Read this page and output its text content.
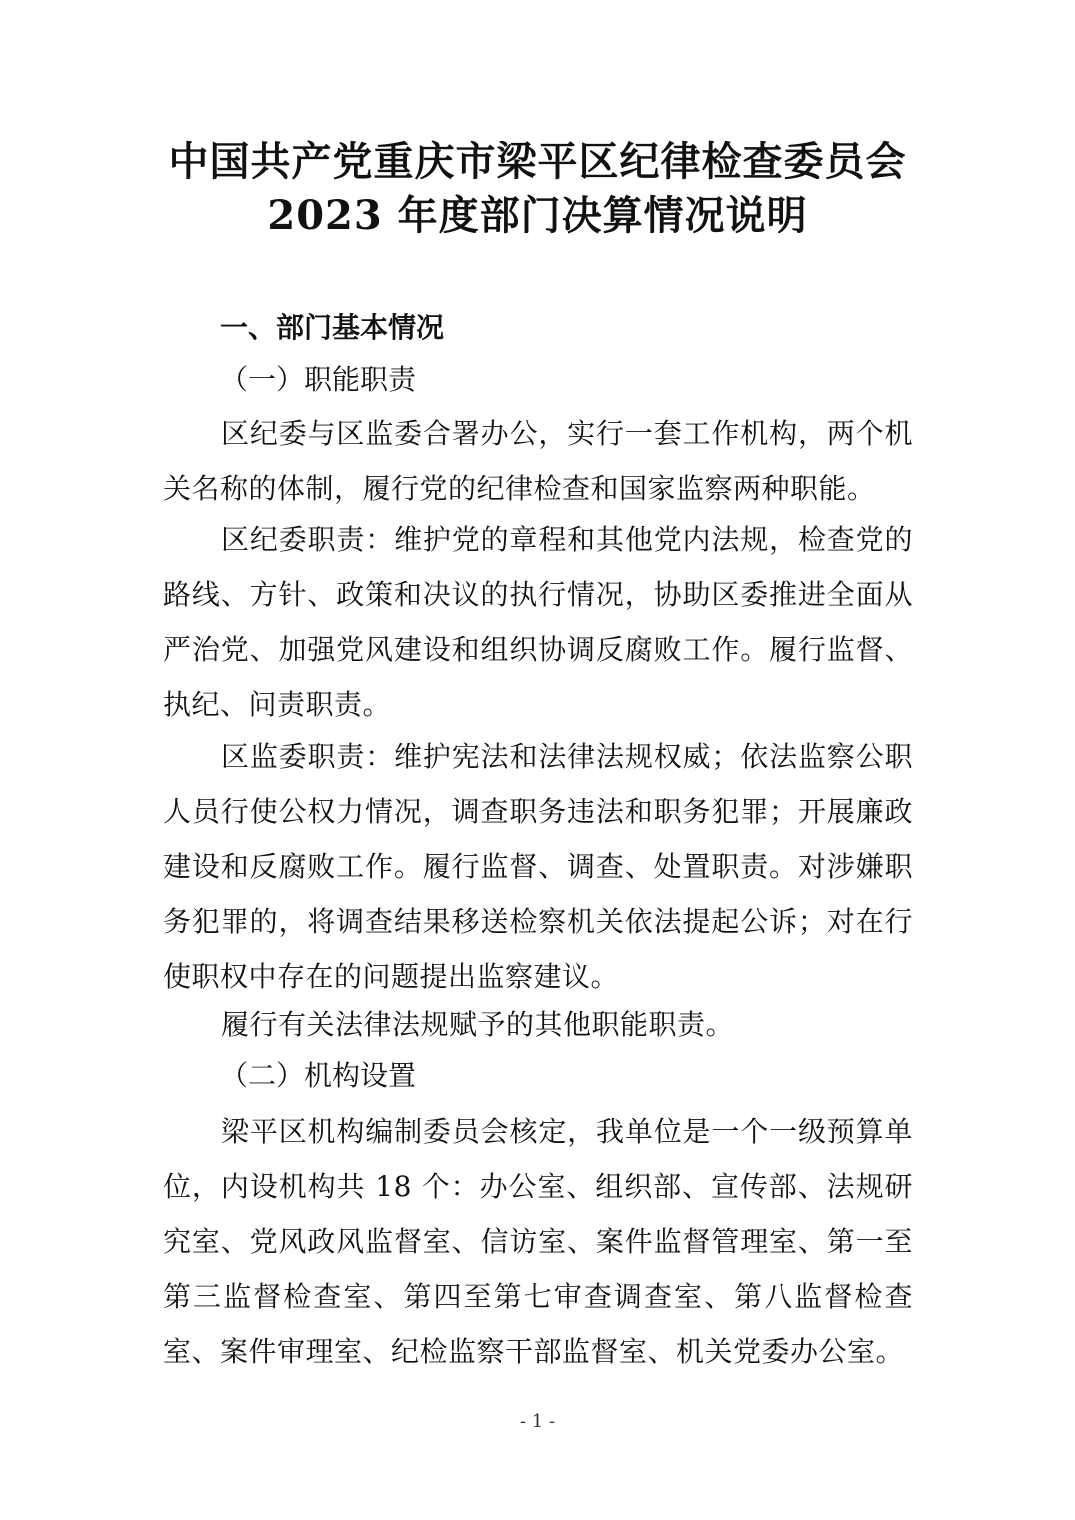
中国共产党重庆市梁平区纪律检查委员会
2023 年度部门决算情况说明
一、部门基本情况
（一）职能职责

区纪委与区监委合署办公，实行一套工作机构，两个机关名称的体制，履行党的纪律检查和国家监察两种职能。

区纪委职责：维护党的章程和其他党内法规，检查党的路线、方针、政策和决议的执行情况，协助区委推进全面从严治党、加强党风建设和组织协调反腐败工作。履行监督、执纪、问责职责。

区监委职责：维护宪法和法律法规权威；依法监察公职人员行使公权力情况，调查职务违法和职务犯罪；开展廉政建设和反腐败工作。履行监督、调查、处置职责。对涉嫌职务犯罪的，将调查结果移送检察机关依法提起公诉；对在行使职权中存在的问题提出监察建议。

履行有关法律法规赋予的其他职能职责。

（二）机构设置

梁平区机构编制委员会核定，我单位是一个一级预算单位，内设机构共 18 个：办公室、组织部、宣传部、法规研究室、党风政风监督室、信访室、案件监督管理室、第一至第三监督检查室、第四至第七审查调查室、第八监督检查室、案件审理室、纪检监察干部监督室、机关党委办公室。

- 1 -
